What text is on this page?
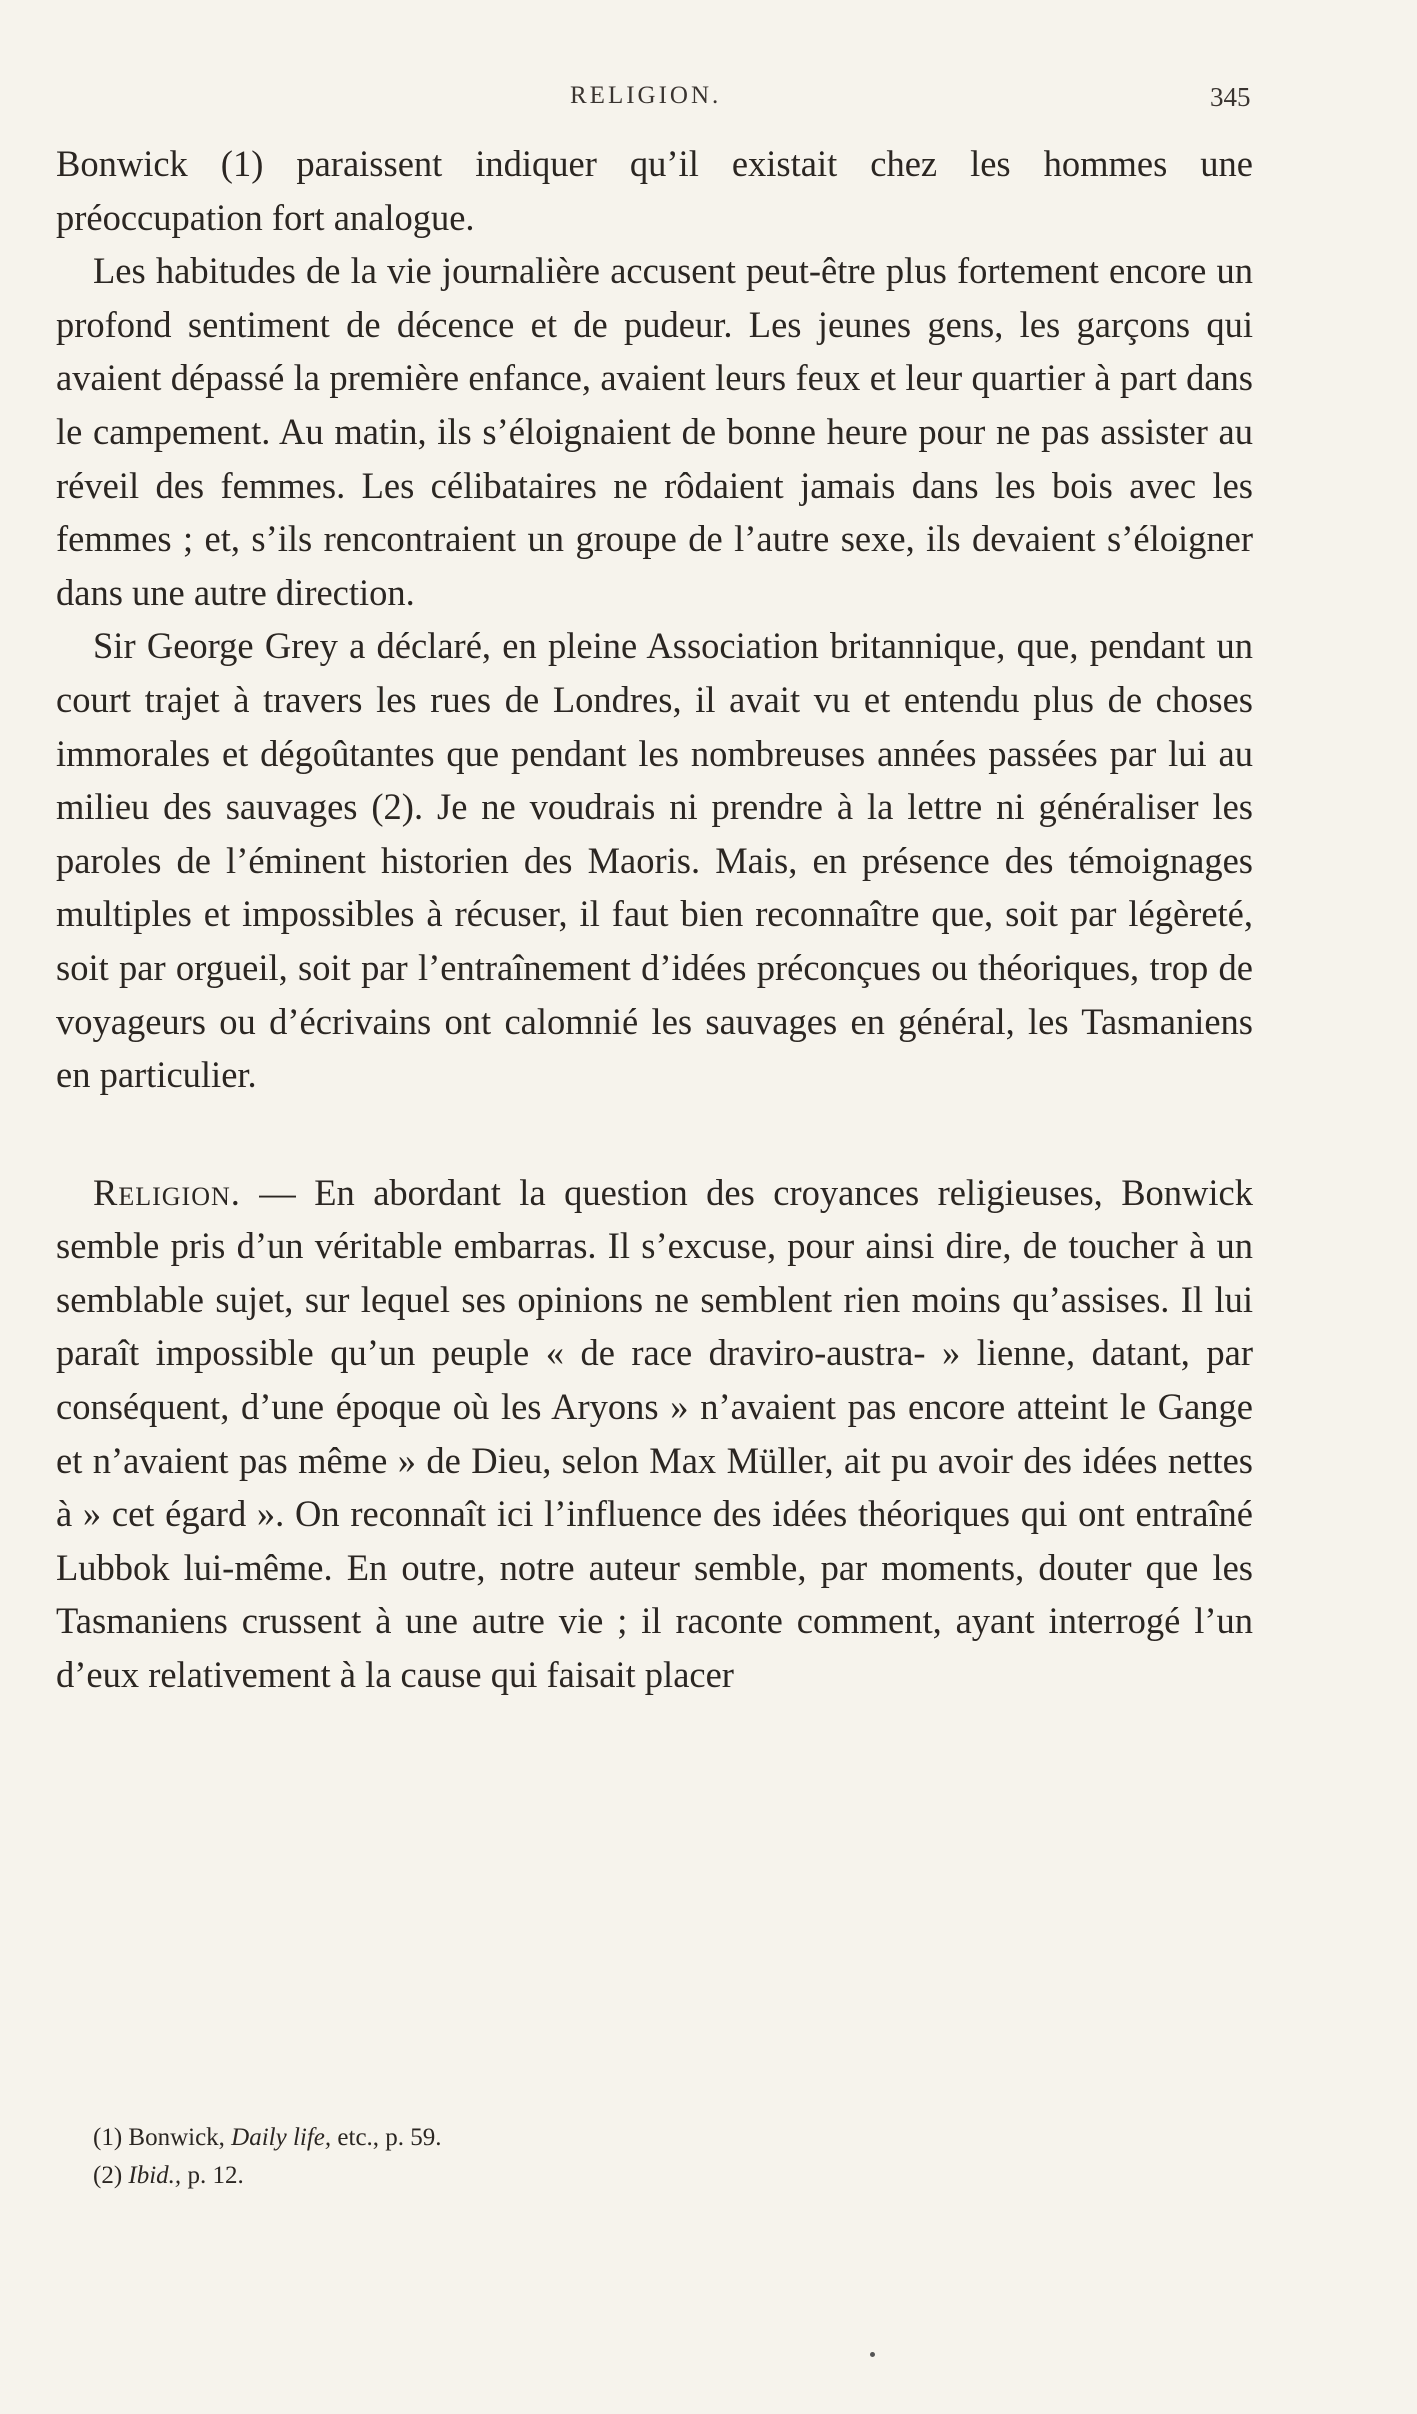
RELIGION.	345

Bonwick (1) paraissent indiquer qu’il existait chez les hommes une préoccupation fort analogue.

Les habitudes de la vie journalière accusent peut-être plus fortement encore un profond sentiment de décence et de pudeur. Les jeunes gens, les garçons qui avaient dépassé la première enfance, avaient leurs feux et leur quartier à part dans le campement. Au matin, ils s’éloignaient de bonne heure pour ne pas assister au réveil des femmes. Les célibataires ne rôdaient jamais dans les bois avec les femmes ; et, s’ils rencontraient un groupe de l’autre sexe, ils devaient s’éloigner dans une autre direction.

Sir George Grey a déclaré, en pleine Association britannique, que, pendant un court trajet à travers les rues de Londres, il avait vu et entendu plus de choses immorales et dégoûtantes que pendant les nombreuses années passées par lui au milieu des sauvages (2). Je ne voudrais ni prendre à la lettre ni généraliser les paroles de l’éminent historien des Maoris. Mais, en présence des témoignages multiples et impossibles à récuser, il faut bien reconnaître que, soit par légèreté, soit par orgueil, soit par l’entraînement d’idées préconçues ou théoriques, trop de voyageurs ou d’écrivains ont calomnié les sauvages en général, les Tasmaniens en particulier.

Religion. — En abordant la question des croyances religieuses, Bonwick semble pris d’un véritable embarras. Il s’excuse, pour ainsi dire, de toucher à un semblable sujet, sur lequel ses opinions ne semblent rien moins qu’assises. Il lui paraît impossible qu’un peuple « de race draviro-austra- » lienne, datant, par conséquent, d’une époque où les Aryons » n’avaient pas encore atteint le Gange et n’avaient pas même » de Dieu, selon Max Müller, ait pu avoir des idées nettes à » cet égard ». On reconnaît ici l’influence des idées théoriques qui ont entraîné Lubbok lui-même. En outre, notre auteur semble, par moments, douter que les Tasmaniens crussent à une autre vie ; il raconte comment, ayant interrogé l’un d’eux relativement à la cause qui faisait placer

(1) Bonwick, Daily life, etc., p. 59.

(2) Ibid., p. 12.
